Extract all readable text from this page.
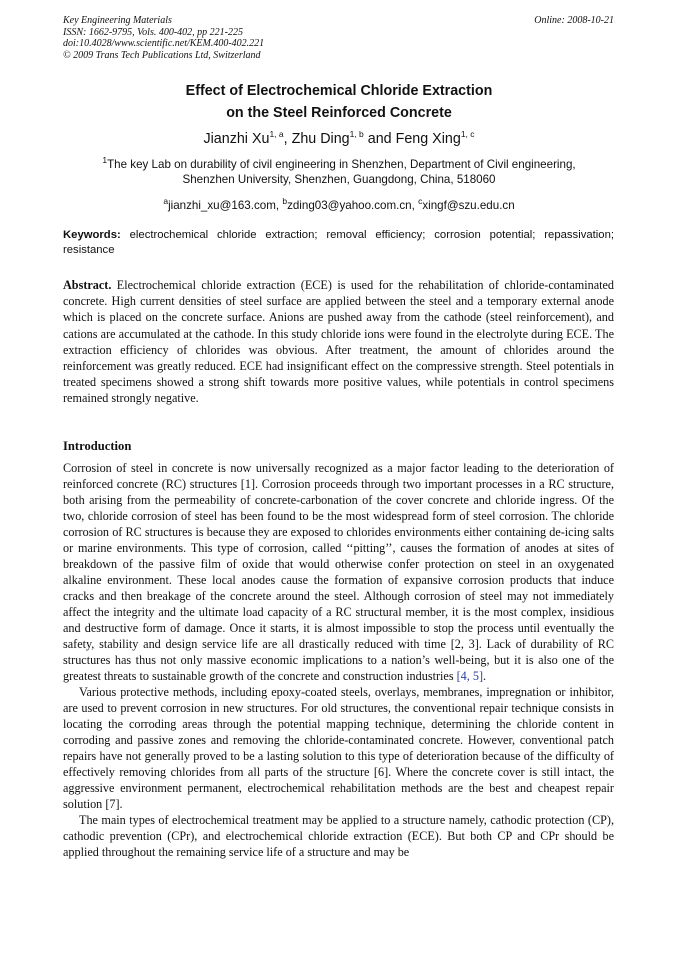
Key Engineering Materials
ISSN: 1662-9795, Vols. 400-402, pp 221-225
doi:10.4028/www.scientific.net/KEM.400-402.221
© 2009 Trans Tech Publications Ltd, Switzerland
Online: 2008-10-21
Effect of Electrochemical Chloride Extraction
on the Steel Reinforced Concrete
Jianzhi Xu$^{1, a}$, Zhu Ding$^{1, b}$ and Feng Xing$^{1, c}$
$^1$The key Lab on durability of civil engineering in Shenzhen, Department of Civil engineering,
Shenzhen University, Shenzhen, Guangdong, China, 518060
$^a$jianzhi_xu@163.com, $^b$zding03@yahoo.com.cn, $^c$xingf@szu.edu.cn
Keywords: electrochemical chloride extraction; removal efficiency; corrosion potential; repassivation; resistance
Abstract. Electrochemical chloride extraction (ECE) is used for the rehabilitation of chloride-contaminated concrete. High current densities of steel surface are applied between the steel and a temporary external anode which is placed on the concrete surface. Anions are pushed away from the cathode (steel reinforcement), and cations are accumulated at the cathode. In this study chloride ions were found in the electrolyte during ECE. The extraction efficiency of chlorides was obvious. After treatment, the amount of chlorides around the reinforcement was greatly reduced. ECE had insignificant effect on the compressive strength. Steel potentials in treated specimens showed a strong shift towards more positive values, while potentials in control specimens remained strongly negative.
Introduction

Corrosion of steel in concrete is now universally recognized as a major factor leading to the deterioration of reinforced concrete (RC) structures [1]. Corrosion proceeds through two important processes in a RC structure, both arising from the permeability of concrete-carbonation of the cover concrete and chloride ingress. Of the two, chloride corrosion of steel has been found to be the most widespread form of steel corrosion. The chloride corrosion of RC structures is because they are exposed to chlorides environments either containing de-icing salts or marine environments. This type of corrosion, called ‘‘pitting’’, causes the formation of anodes at sites of breakdown of the passive film of oxide that would otherwise confer protection on steel in an oxygenated alkaline environment. These local anodes cause the formation of expansive corrosion products that induce cracks and then breakage of the concrete around the steel. Although corrosion of steel may not immediately affect the integrity and the ultimate load capacity of a RC structural member, it is the most complex, insidious and destructive form of damage. Once it starts, it is almost impossible to stop the process until eventually the safety, stability and design service life are all drastically reduced with time [2, 3]. Lack of durability of RC structures has thus not only massive economic implications to a nation’s well-being, but it is also one of the greatest threats to sustainable growth of the concrete and construction industries [4, 5].

Various protective methods, including epoxy-coated steels, overlays, membranes, impregnation or inhibitor, are used to prevent corrosion in new structures. For old structures, the conventional repair technique consists in locating the corroding areas through the potential mapping technique, determining the chloride content in corroding and passive zones and removing the chloride-contaminated concrete. However, conventional patch repairs have not generally proved to be a lasting solution to this type of deterioration because of the difficulty of effectively removing chlorides from all parts of the structure [6]. Where the concrete cover is still intact, the aggressive environment permanent, electrochemical rehabilitation methods are the best and cheapest repair solution [7].

The main types of electrochemical treatment may be applied to a structure namely, cathodic protection (CP), cathodic prevention (CPr), and electrochemical chloride extraction (ECE). But both CP and CPr should be applied throughout the remaining service life of a structure and may be
